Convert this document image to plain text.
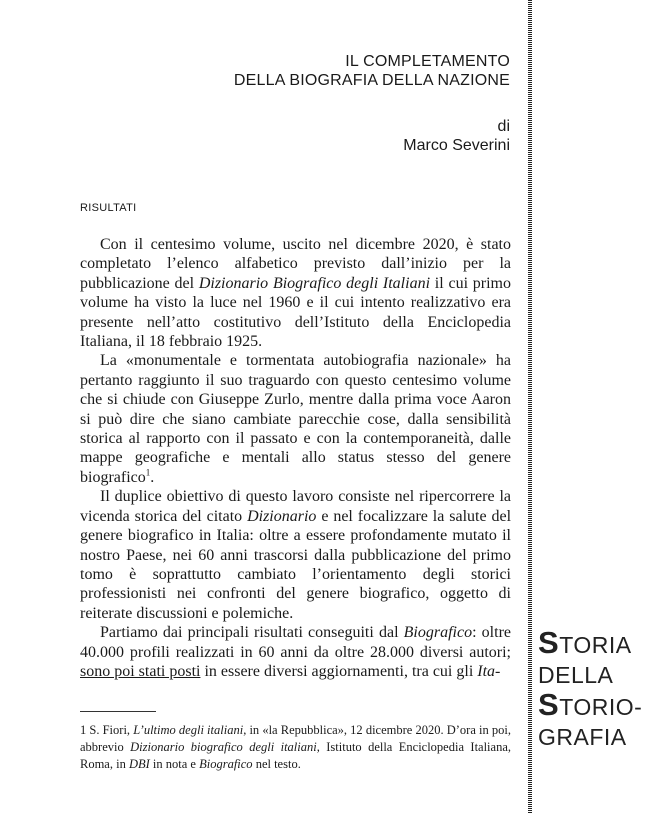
IL COMPLETAMENTO
DELLA BIOGRAFIA DELLA NAZIONE
di
Marco Severini
RISULTATI

Con il centesimo volume, uscito nel dicembre 2020, è stato completato l’elenco alfabetico previsto dall’inizio per la pubblicazione del Dizionario Biografico degli Italiani il cui primo volume ha visto la luce nel 1960 e il cui intento realizzativo era presente nell’atto costitutivo dell’Istituto della Enciclopedia Italiana, il 18 febbraio 1925.

La «monumentale e tormentata autobiografia nazionale» ha pertanto raggiunto il suo traguardo con questo centesimo volume che si chiude con Giuseppe Zurlo, mentre dalla prima voce Aaron si può dire che siano cambiate parecchie cose, dalla sensibilità storica al rapporto con il passato e con la contemporaneità, dalle mappe geografiche e mentali allo status stesso del genere biografico$^1$.

Il duplice obiettivo di questo lavoro consiste nel ripercorrere la vicenda storica del citato Dizionario e nel focalizzare la salute del genere biografico in Italia: oltre a essere profondamente mutato il nostro Paese, nei 60 anni trascorsi dalla pubblicazione del primo tomo è soprattutto cambiato l’orientamento degli storici professionisti nei confronti del genere biografico, oggetto di reiterate discussioni e polemiche.

Partiamo dai principali risultati conseguiti dal Biografico: oltre 40.000 profili realizzati in 60 anni da oltre 28.000 diversi autori; sono poi stati posti in essere diversi aggiornamenti, tra cui gli Ita-

1 S. Fiori, L’ultimo degli italiani, in «la Repubblica», 12 dicembre 2020. D’ora in poi, abbrevio Dizionario biografico degli italiani, Istituto della Enciclopedia Italiana, Roma, in DBI in nota e Biografico nel testo.
STORIA
DELLA
STORIO-
GRAFIA
